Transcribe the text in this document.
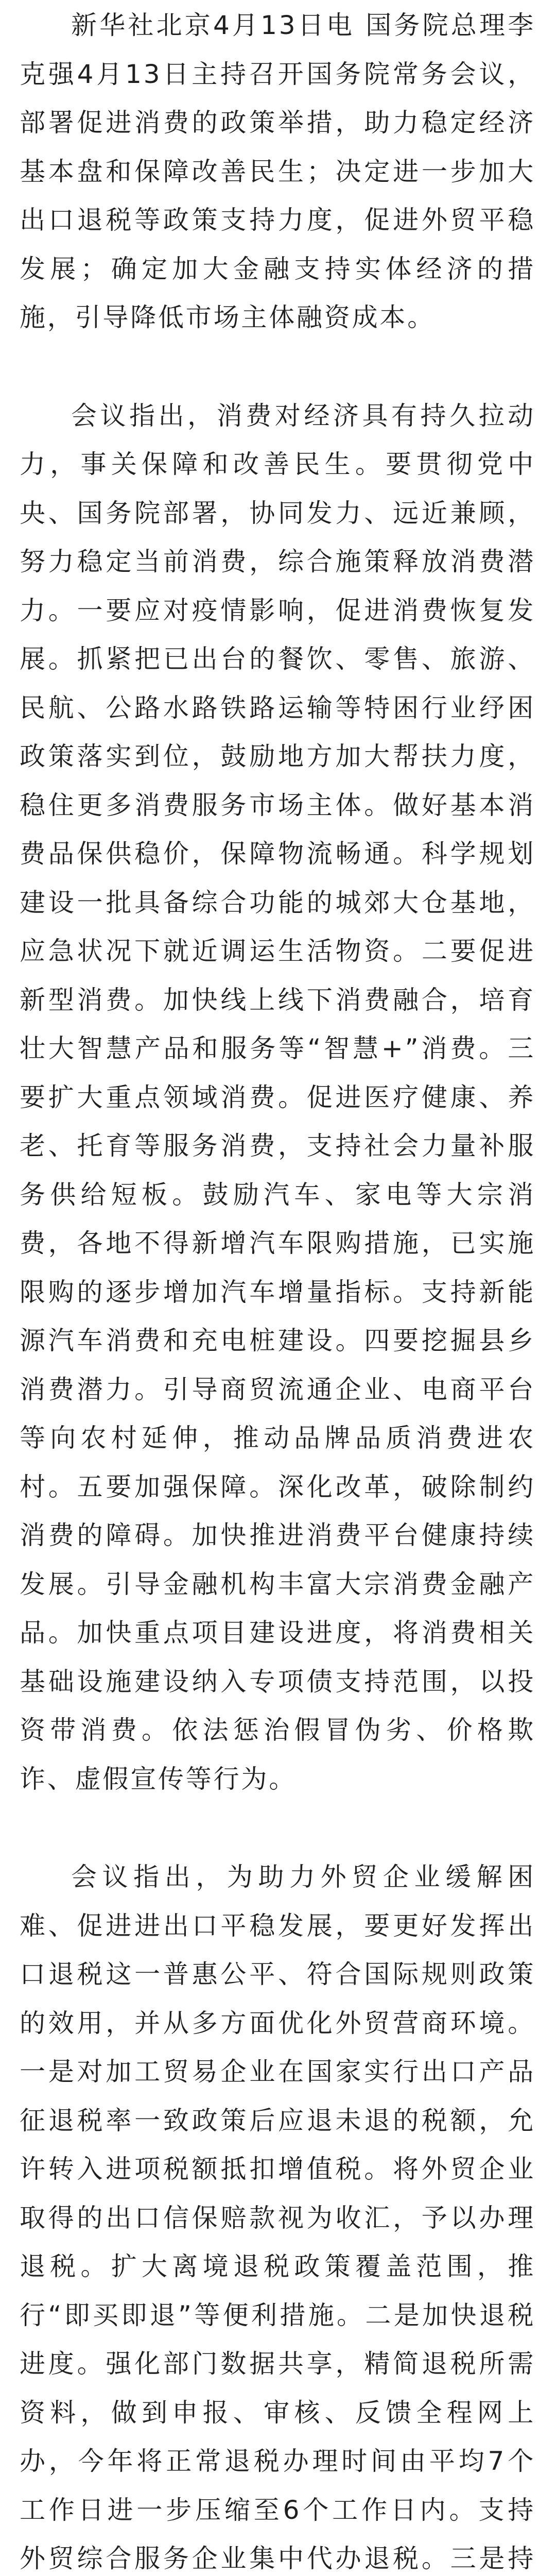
新华社北京4月13日电 国务院总理李克强4月13日主持召开国务院常务会议，部署促进消费的政策举措，助力稳定经济基本盘和保障改善民生；决定进一步加大出口退税等政策支持力度，促进外贸平稳发展；确定加大金融支持实体经济的措施，引导降低市场主体融资成本。

会议指出，消费对经济具有持久拉动力，事关保障和改善民生。要贯彻党中央、国务院部署，协同发力、远近兼顾，努力稳定当前消费，综合施策释放消费潜力。一要应对疫情影响，促进消费恢复发展。抓紧把已出台的餐饮、零售、旅游、民航、公路水路铁路运输等特困行业纾困政策落实到位，鼓励地方加大帮扶力度，稳住更多消费服务市场主体。做好基本消费品保供稳价，保障物流畅通。科学规划建设一批具备综合功能的城郊大仓基地，应急状况下就近调运生活物资。二要促进新型消费。加快线上线下消费融合，培育壮大智慧产品和服务等“智慧+”消费。三要扩大重点领域消费。促进医疗健康、养老、托育等服务消费，支持社会力量补服务供给短板。鼓励汽车、家电等大宗消费，各地不得新增汽车限购措施，已实施限购的逐步增加汽车增量指标。支持新能源汽车消费和充电桩建设。四要挖掘县乡消费潜力。引导商贸流通企业、电商平台等向农村延伸，推动品牌品质消费进农村。五要加强保障。深化改革，破除制约消费的障碍。加快推进消费平台健康持续发展。引导金融机构丰富大宗消费金融产品。加快重点项目建设进度，将消费相关基础设施建设纳入专项债支持范围，以投资带消费。依法惩治假冒伪劣、价格欺诈、虚假宣传等行为。

会议指出，为助力外贸企业缓解困难、促进进出口平稳发展，要更好发挥出口退税这一普惠公平、符合国际规则政策的效用，并从多方面优化外贸营商环境。一是对加工贸易企业在国家实行出口产品征退税率一致政策后应退未退的税额，允许转入进项税额抵扣增值税。将外贸企业取得的出口信保赔款视为收汇，予以办理退税。扩大离境退税政策覆盖范围，推行“即买即退”等便利措施。二是加快退税进度。强化部门数据共享，精简退税所需资料，做到申报、审核、反馈全程网上办，今年将正常退税办理时间由平均7个工作日进一步压缩至6个工作日内。支持外贸综合服务企业集中代办退税。三是持
